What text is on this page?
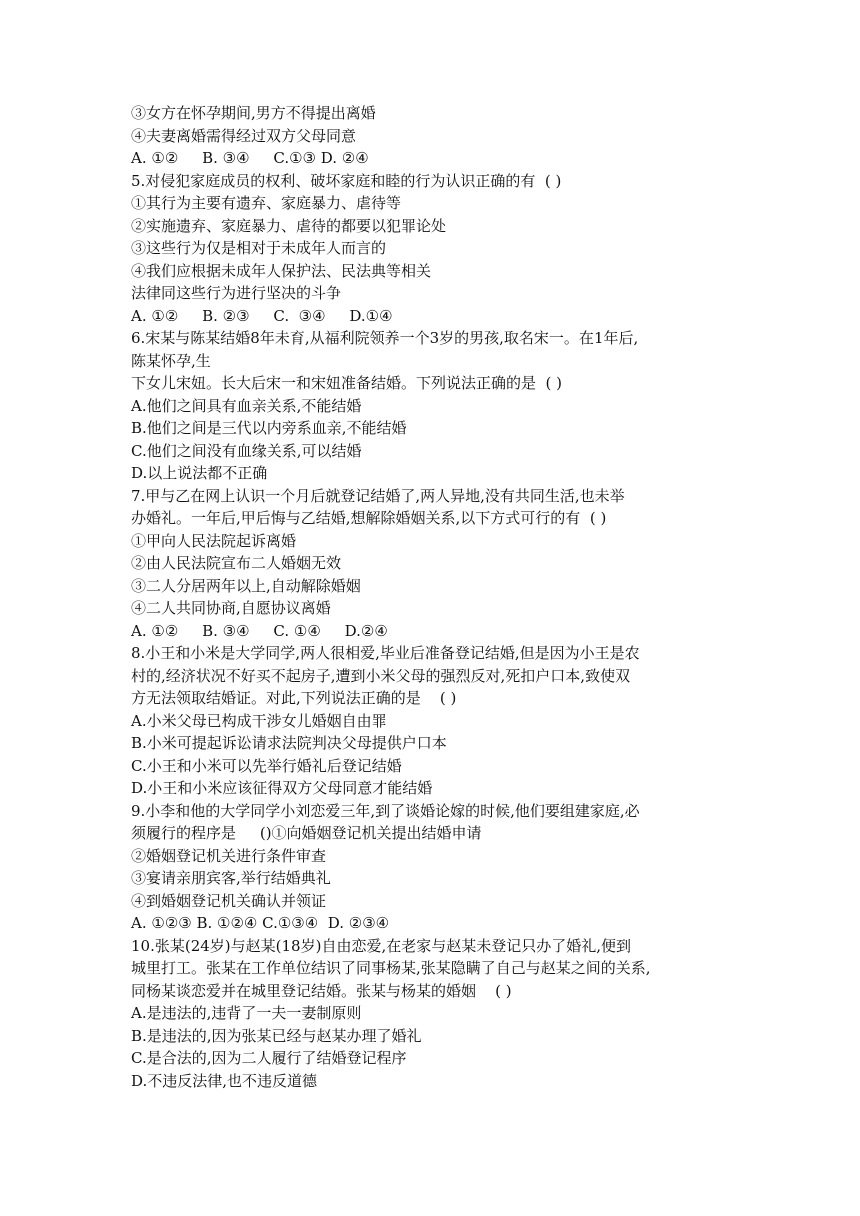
③女方在怀孕期间,男方不得提出离婚
④夫妻离婚需得经过双方父母同意
A. ①②     B. ③④     C.①③ D. ②④
5.对侵犯家庭成员的权利、破坏家庭和睦的行为认识正确的有  ( )
①其行为主要有遗弃、家庭暴力、虐待等
②实施遗弃、家庭暴力、虐待的都要以犯罪论处
③这些行为仅是相对于未成年人而言的
④我们应根据未成年人保护法、民法典等相关
法律同这些行为进行坚决的斗争
A. ①②     B. ②③     C.  ③④     D.①④
6.宋某与陈某结婚8年未育,从福利院领养一个3岁的男孩,取名宋一。在1年后,
陈某怀孕,生
下女儿宋妞。长大后宋一和宋妞准备结婚。下列说法正确的是  ( )
A.他们之间具有血亲关系,不能结婚
B.他们之间是三代以内旁系血亲,不能结婚
C.他们之间没有血缘关系,可以结婚
D.以上说法都不正确
7.甲与乙在网上认识一个月后就登记结婚了,两人异地,没有共同生活,也未举
办婚礼。一年后,甲后悔与乙结婚,想解除婚姻关系,以下方式可行的有  ( )
①甲向人民法院起诉离婚
②由人民法院宣布二人婚姻无效
③二人分居两年以上,自动解除婚姻
④二人共同协商,自愿协议离婚
A. ①②     B. ③④     C. ①④     D.②④
8.小王和小米是大学同学,两人很相爱,毕业后准备登记结婚,但是因为小王是农
村的,经济状况不好买不起房子,遭到小米父母的强烈反对,死扣户口本,致使双
方无法领取结婚证。对此,下列说法正确的是    ( )
A.小米父母已构成干涉女儿婚姻自由罪
B.小米可提起诉讼请求法院判决父母提供户口本
C.小王和小米可以先举行婚礼后登记结婚
D.小王和小米应该征得双方父母同意才能结婚
9.小李和他的大学同学小刘恋爱三年,到了谈婚论嫁的时候,他们要组建家庭,必
须履行的程序是     ()①向婚姻登记机关提出结婚申请
②婚姻登记机关进行条件审查
③宴请亲朋宾客,举行结婚典礼
④到婚姻登记机关确认并领证
A. ①②③ B. ①②④ C.①③④  D. ②③④
10.张某(24岁)与赵某(18岁)自由恋爱,在老家与赵某未登记只办了婚礼,便到
城里打工。张某在工作单位结识了同事杨某,张某隐瞒了自己与赵某之间的关系,
同杨某谈恋爱并在城里登记结婚。张某与杨某的婚姻    ( )
A.是违法的,违背了一夫一妻制原则
B.是违法的,因为张某已经与赵某办理了婚礼
C.是合法的,因为二人履行了结婚登记程序
D.不违反法律,也不违反道德
